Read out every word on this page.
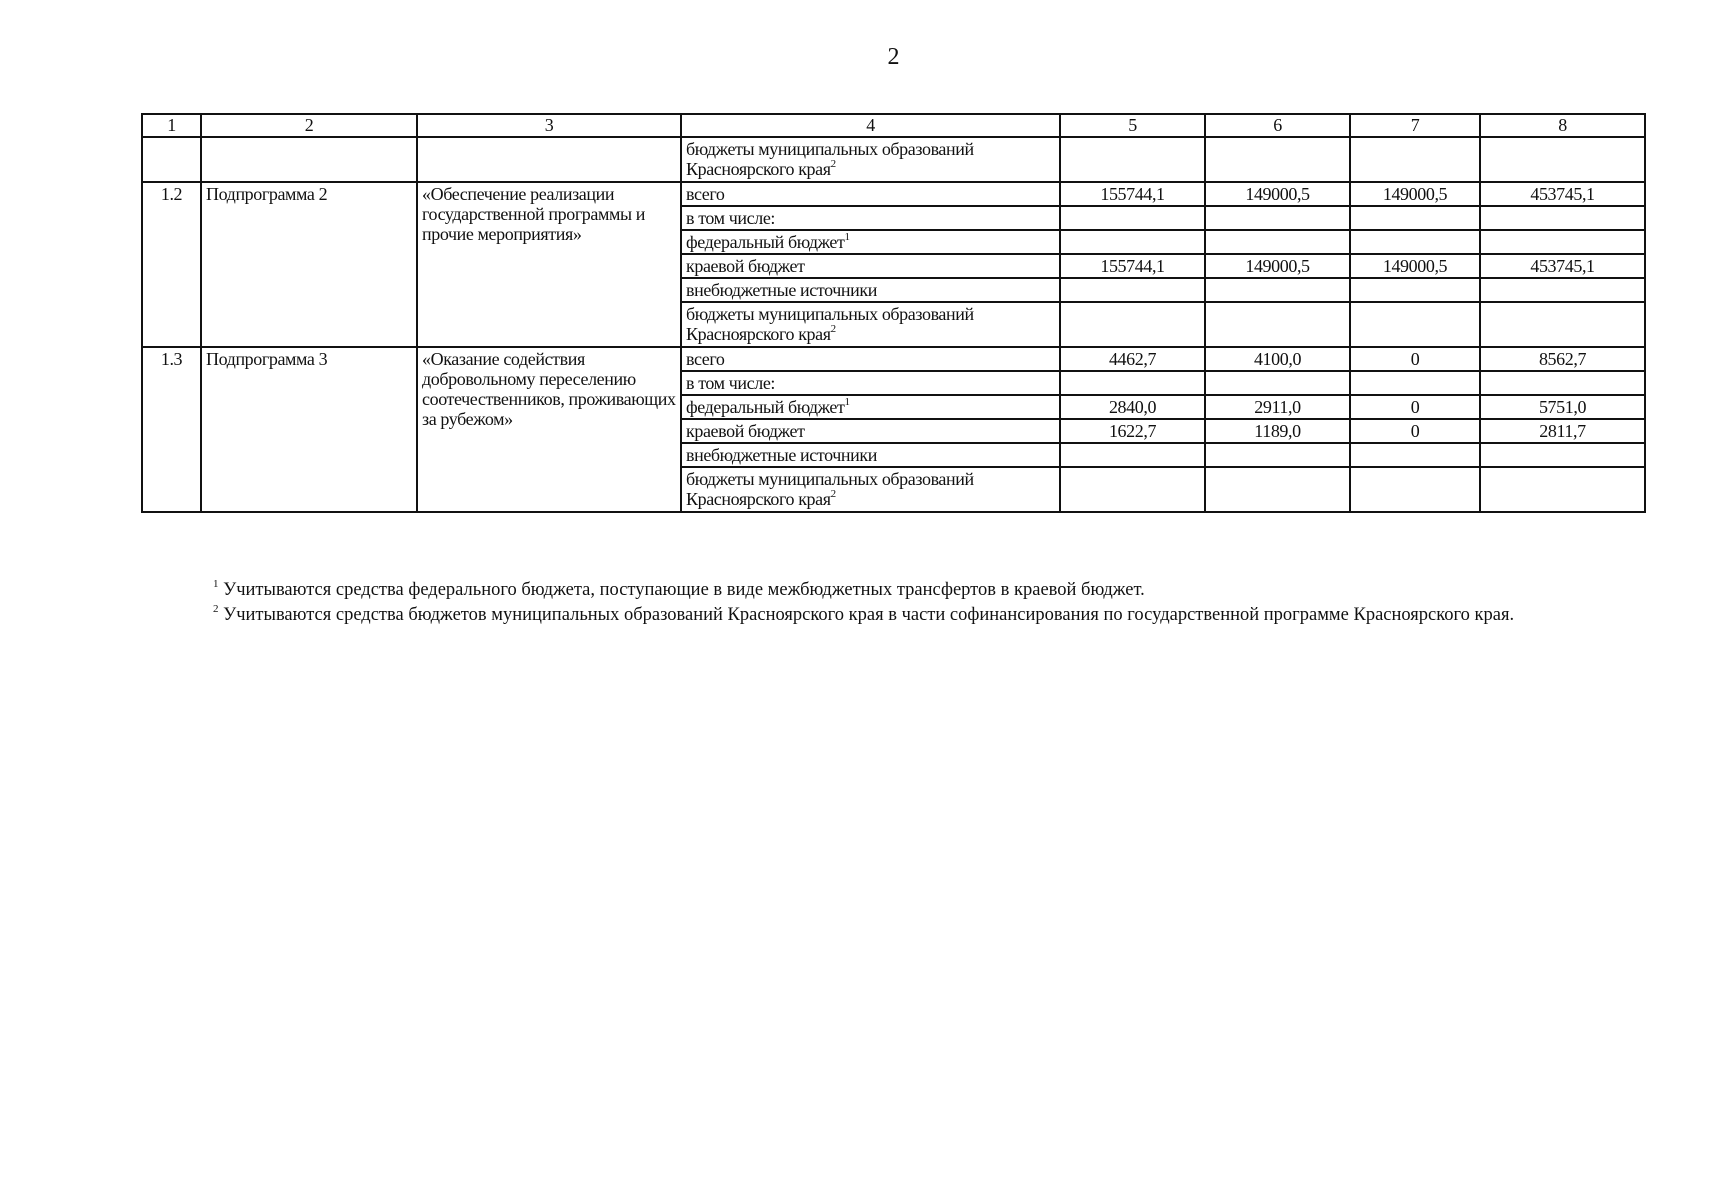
2
1	2	3	4	5	6	7	8
			бюджеты муниципальных образований Красноярского края$^2$				
1.2	Подпрограмма 2	«Обеспечение реализации государственной программы и прочие мероприятия»	всего	155744,1	149000,5	149000,5	453745,1
			в том числе:				
			федеральный бюджет$^1$				
			краевой бюджет	155744,1	149000,5	149000,5	453745,1
			внебюджетные источники				
			бюджеты муниципальных образований Красноярского края$^2$				
1.3	Подпрограмма 3	«Оказание содействия добровольному переселению соотечественников, проживающих за рубежом»	всего	4462,7	4100,0	0	8562,7
			в том числе:				
			федеральный бюджет$^1$	2840,0	2911,0	0	5751,0
			краевой бюджет	1622,7	1189,0	0	2811,7
			внебюджетные источники				
			бюджеты муниципальных образований Красноярского края$^2$				

$^1$ Учитываются средства федерального бюджета, поступающие в виде межбюджетных трансфертов в краевой бюджет.

$^2$ Учитываются средства бюджетов муниципальных образований Красноярского края в части софинансирования по государственной программе Красноярского края.
